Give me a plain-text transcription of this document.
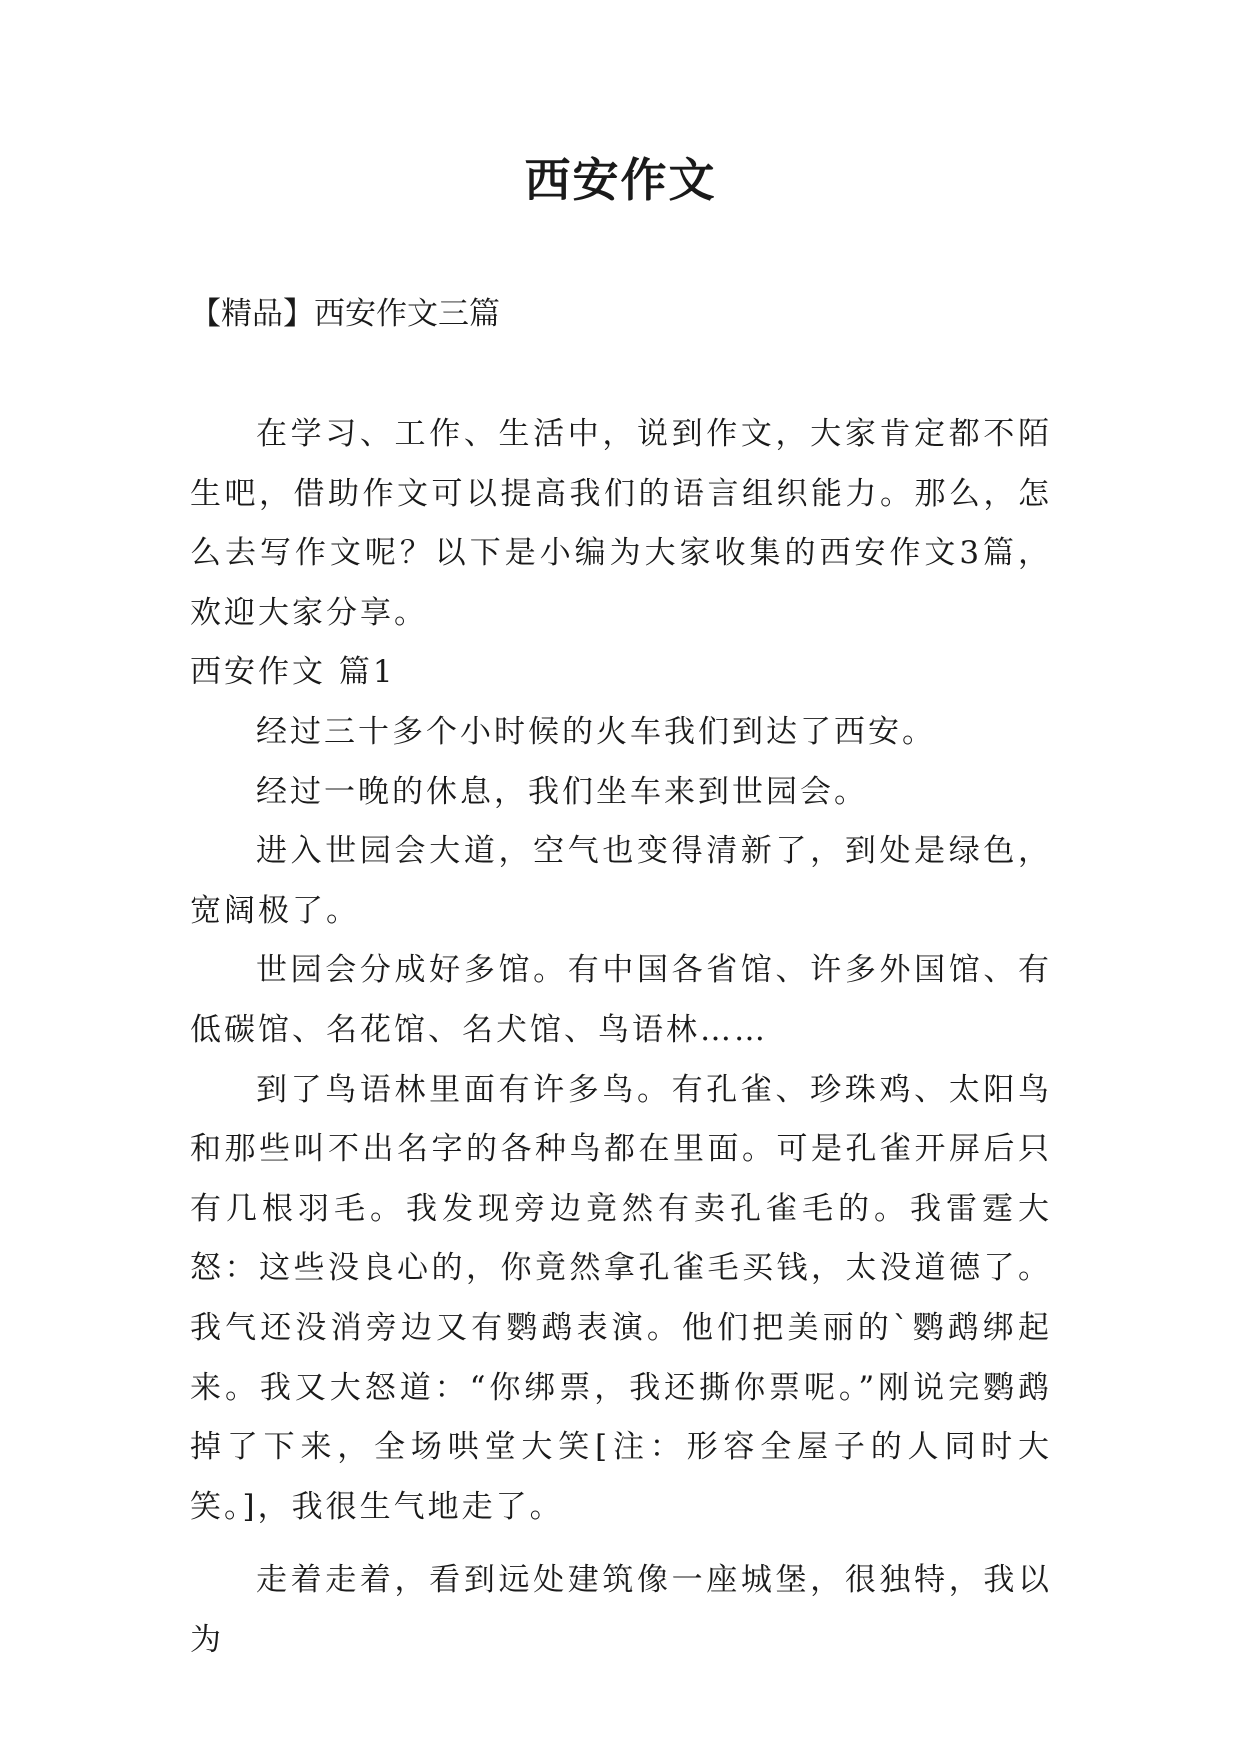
西安作文

【精品】西安作文三篇

在学习、工作、生活中，说到作文，大家肯定都不陌生吧，借助作文可以提高我们的语言组织能力。那么，怎么去写作文呢？以下是小编为大家收集的西安作文3篇，欢迎大家分享。

西安作文 篇1

经过三十多个小时候的火车我们到达了西安。

经过一晚的休息，我们坐车来到世园会。

进入世园会大道，空气也变得清新了，到处是绿色，宽阔极了。

世园会分成好多馆。有中国各省馆、许多外国馆、有低碳馆、名花馆、名犬馆、鸟语林……

到了鸟语林里面有许多鸟。有孔雀、珍珠鸡、太阳鸟和那些叫不出名字的各种鸟都在里面。可是孔雀开屏后只有几根羽毛。我发现旁边竟然有卖孔雀毛的。我雷霆大怒：这些没良心的，你竟然拿孔雀毛买钱，太没道德了。我气还没消旁边又有鹦鹉表演。他们把美丽的`鹦鹉绑起来。我又大怒道：“你绑票，我还撕你票呢。”刚说完鹦鹉掉了下来，全场哄堂大笑[注：形容全屋子的人同时大笑。]，我很生气地走了。

走着走着，看到远处建筑像一座城堡，很独特，我以为
